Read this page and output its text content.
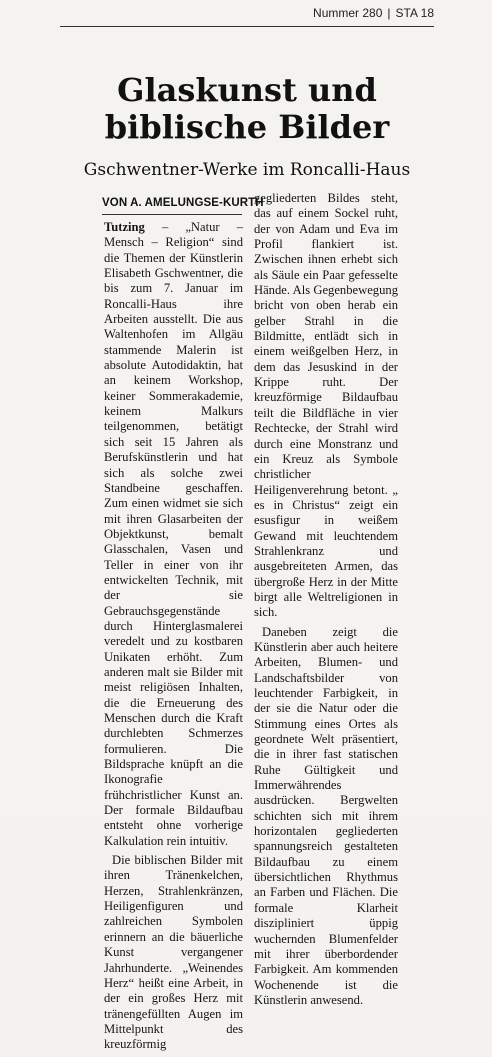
Nummer 280 | STA 18
Glaskunst und
biblische Bilder
Gschwentner-Werke im Roncalli-Haus
VON A. AMELUNGSE-KURTH

Tutzing – „Natur – Mensch – Religion“ sind die Themen der Künstlerin Elisabeth Gschwentner, die bis zum 7. Januar im Roncalli-Haus ihre Arbeiten ausstellt. Die aus Waltenhofen im Allgäu stammende Malerin ist absolute Autodidaktin, hat an keinem Workshop, keiner Sommerakademie, keinem Malkurs teilgenommen, betätigt sich seit 15 Jahren als Berufskünstlerin und hat sich als solche zwei Standbeine geschaffen. Zum einen widmet sie sich mit ihren Glasarbeiten der Objektkunst, bemalt Glasschalen, Vasen und Teller in einer von ihr entwickelten Technik, mit der sie Gebrauchsgegenstände durch Hinterglasmalerei veredelt und zu kostbaren Unikaten erhöht. Zum anderen malt sie Bilder mit meist religiösen Inhalten, die die Erneuerung des Menschen durch die Kraft durchlebten Schmerzes formulieren. Die Bildsprache knüpft an die Ikonografie frühchristlicher Kunst an. Der formale Bildaufbau entsteht ohne vorherige Kalkulation rein intuitiv.

Die biblischen Bilder mit ihren Tränenkelchen, Herzen, Strahlenkränzen, Heiligenfiguren und zahlreichen Symbolen erinnern an die bäuerliche Kunst vergangener Jahrhunderte. „Weinendes Herz“ heißt eine Arbeit, in der ein großes Herz mit tränengefüllten Augen im Mittelpunkt des kreuzförmig

gegliederten Bildes steht, das auf einem Sockel ruht, der von Adam und Eva im Profil flankiert ist. Zwischen ihnen erhebt sich als Säule ein Paar gefesselte Hände. Als Gegenbewegung bricht von oben herab ein gelber Strahl in die Bildmitte, entlädt sich in einem weißgelben Herz, in dem das Jesuskind in der Krippe ruht. Der kreuzförmige Bildaufbau teilt die Bildfläche in vier Rechtecke, der Strahl wird durch eine Monstranz und ein Kreuz als Symbole christlicher Heiligenverehrung betont. „ es in Christus“ zeigt ein esusfigur in weißem Gewand mit leuchtendem Strahlenkranz und ausgebreiteten Armen, das übergroße Herz in der Mitte birgt alle Weltreligionen in sich.

Daneben zeigt die Künstlerin aber auch heitere Arbeiten, Blumen- und Landschaftsbilder von leuchtender Farbigkeit, in der sie die Natur oder die Stimmung eines Ortes als geordnete Welt präsentiert, die in ihrer fast statischen Ruhe Gültigkeit und Immerwährendes ausdrücken. Bergwelten schichten sich mit ihrem horizontalen gegliederten spannungsreich gestalteten Bildaufbau zu einem übersichtlichen Rhythmus an Farben und Flächen. Die formale Klarheit diszipliniert üppig wuchernden Blumenfelder mit ihrer überbordender Farbigkeit. Am kommenden Wochenende ist die Künstlerin anwesend.
